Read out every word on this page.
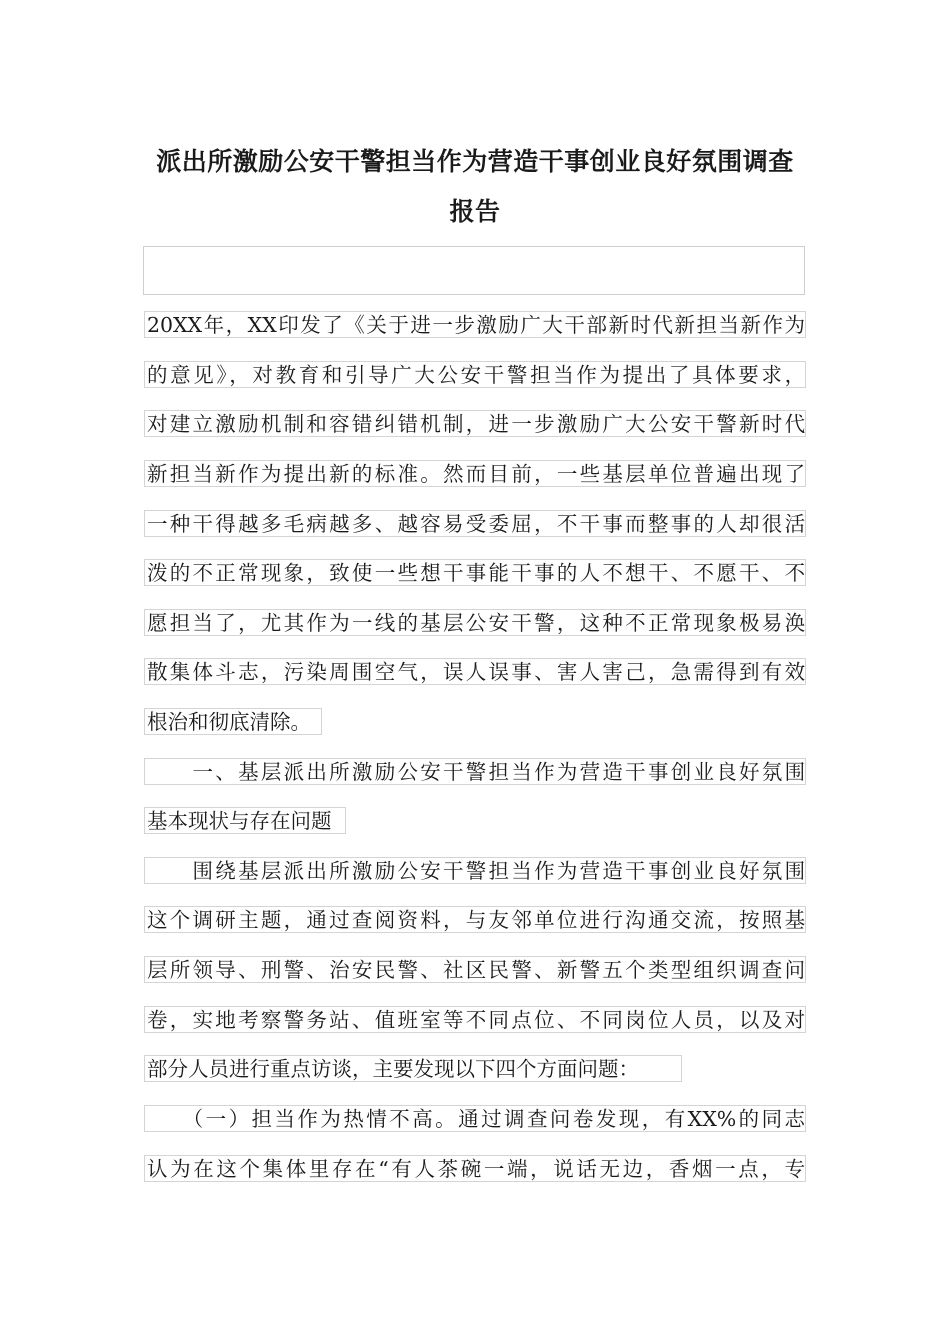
派出所激励公安干警担当作为营造干事创业良好氛围调查
报告
20XX年，XX印发了《关于进一步激励广大干部新时代新担当新作为
的意见》，对教育和引导广大公安干警担当作为提出了具体要求，
对建立激励机制和容错纠错机制，进一步激励广大公安干警新时代
新担当新作为提出新的标准。然而目前，一些基层单位普遍出现了
一种干得越多毛病越多、越容易受委屈，不干事而整事的人却很活
泼的不正常现象，致使一些想干事能干事的人不想干、不愿干、不
愿担当了，尤其作为一线的基层公安干警，这种不正常现象极易涣
散集体斗志，污染周围空气，误人误事、害人害己，急需得到有效
根治和彻底清除。
　　一、基层派出所激励公安干警担当作为营造干事创业良好氛围
基本现状与存在问题
　　围绕基层派出所激励公安干警担当作为营造干事创业良好氛围
这个调研主题，通过查阅资料，与友邻单位进行沟通交流，按照基
层所领导、刑警、治安民警、社区民警、新警五个类型组织调查问
卷，实地考察警务站、值班室等不同点位、不同岗位人员，以及对
部分人员进行重点访谈，主要发现以下四个方面问题：
　　（一）担当作为热情不高。通过调查问卷发现，有XX%的同志
认为在这个集体里存在“有人茶碗一端，说话无边，香烟一点，专
